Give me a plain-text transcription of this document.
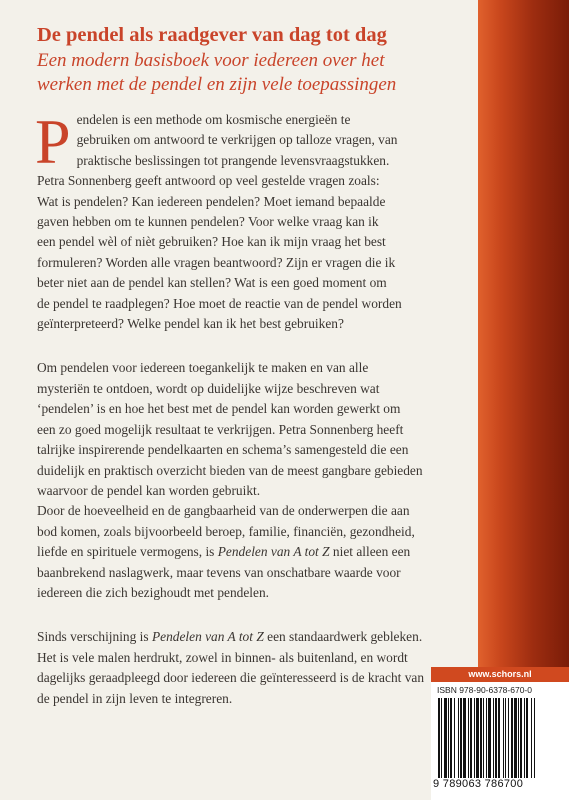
De pendel als raadgever van dag tot dag
Een modern basisboek voor iedereen over het
werken met de pendel en zijn vele toepassingen
P endelen is een methode om kosmische energieën te
gebruiken om antwoord te verkrijgen op talloze vragen, van
praktische beslissingen tot prangende levensvraagstukken.
Petra Sonnenberg geeft antwoord op veel gestelde vragen zoals:
Wat is pendelen? Kan iedereen pendelen? Moet iemand bepaalde
gaven hebben om te kunnen pendelen? Voor welke vraag kan ik
een pendel wèl of nièt gebruiken? Hoe kan ik mijn vraag het best
formuleren? Worden alle vragen beantwoord? Zijn er vragen die ik
beter niet aan de pendel kan stellen? Wat is een goed moment om
de pendel te raadplegen? Hoe moet de reactie van de pendel worden
geïnterpreteerd? Welke pendel kan ik het best gebruiken?
Om pendelen voor iedereen toegankelijk te maken en van alle
mysteriën te ontdoen, wordt op duidelijke wijze beschreven wat
‘pendelen’ is en hoe het best met de pendel kan worden gewerkt om
een zo goed mogelijk resultaat te verkrijgen. Petra Sonnenberg heeft
talrijke inspirerende pendelkaarten en schema’s samengesteld die een
duidelijk en praktisch overzicht bieden van de meest gangbare gebieden
waarvoor de pendel kan worden gebruikt.
Door de hoeveelheid en de gangbaarheid van de onderwerpen die aan
bod komen, zoals bijvoorbeeld beroep, familie, financiën, gezondheid,
liefde en spirituele vermogens, is Pendelen van A tot Z niet alleen een
baanbrekend naslagwerk, maar tevens van onschatbare waarde voor
iedereen die zich bezighoudt met pendelen.
Sinds verschijning is Pendelen van A tot Z een standaardwerk gebleken.
Het is vele malen herdrukt, zowel in binnen- als buitenland, en wordt
dagelijks geraadpleegd door iedereen die geïnteresseerd is de kracht van
de pendel in zijn leven te integreren.
www.schors.nl
ISBN 978-90-6378-670-0
9 789063 786700
